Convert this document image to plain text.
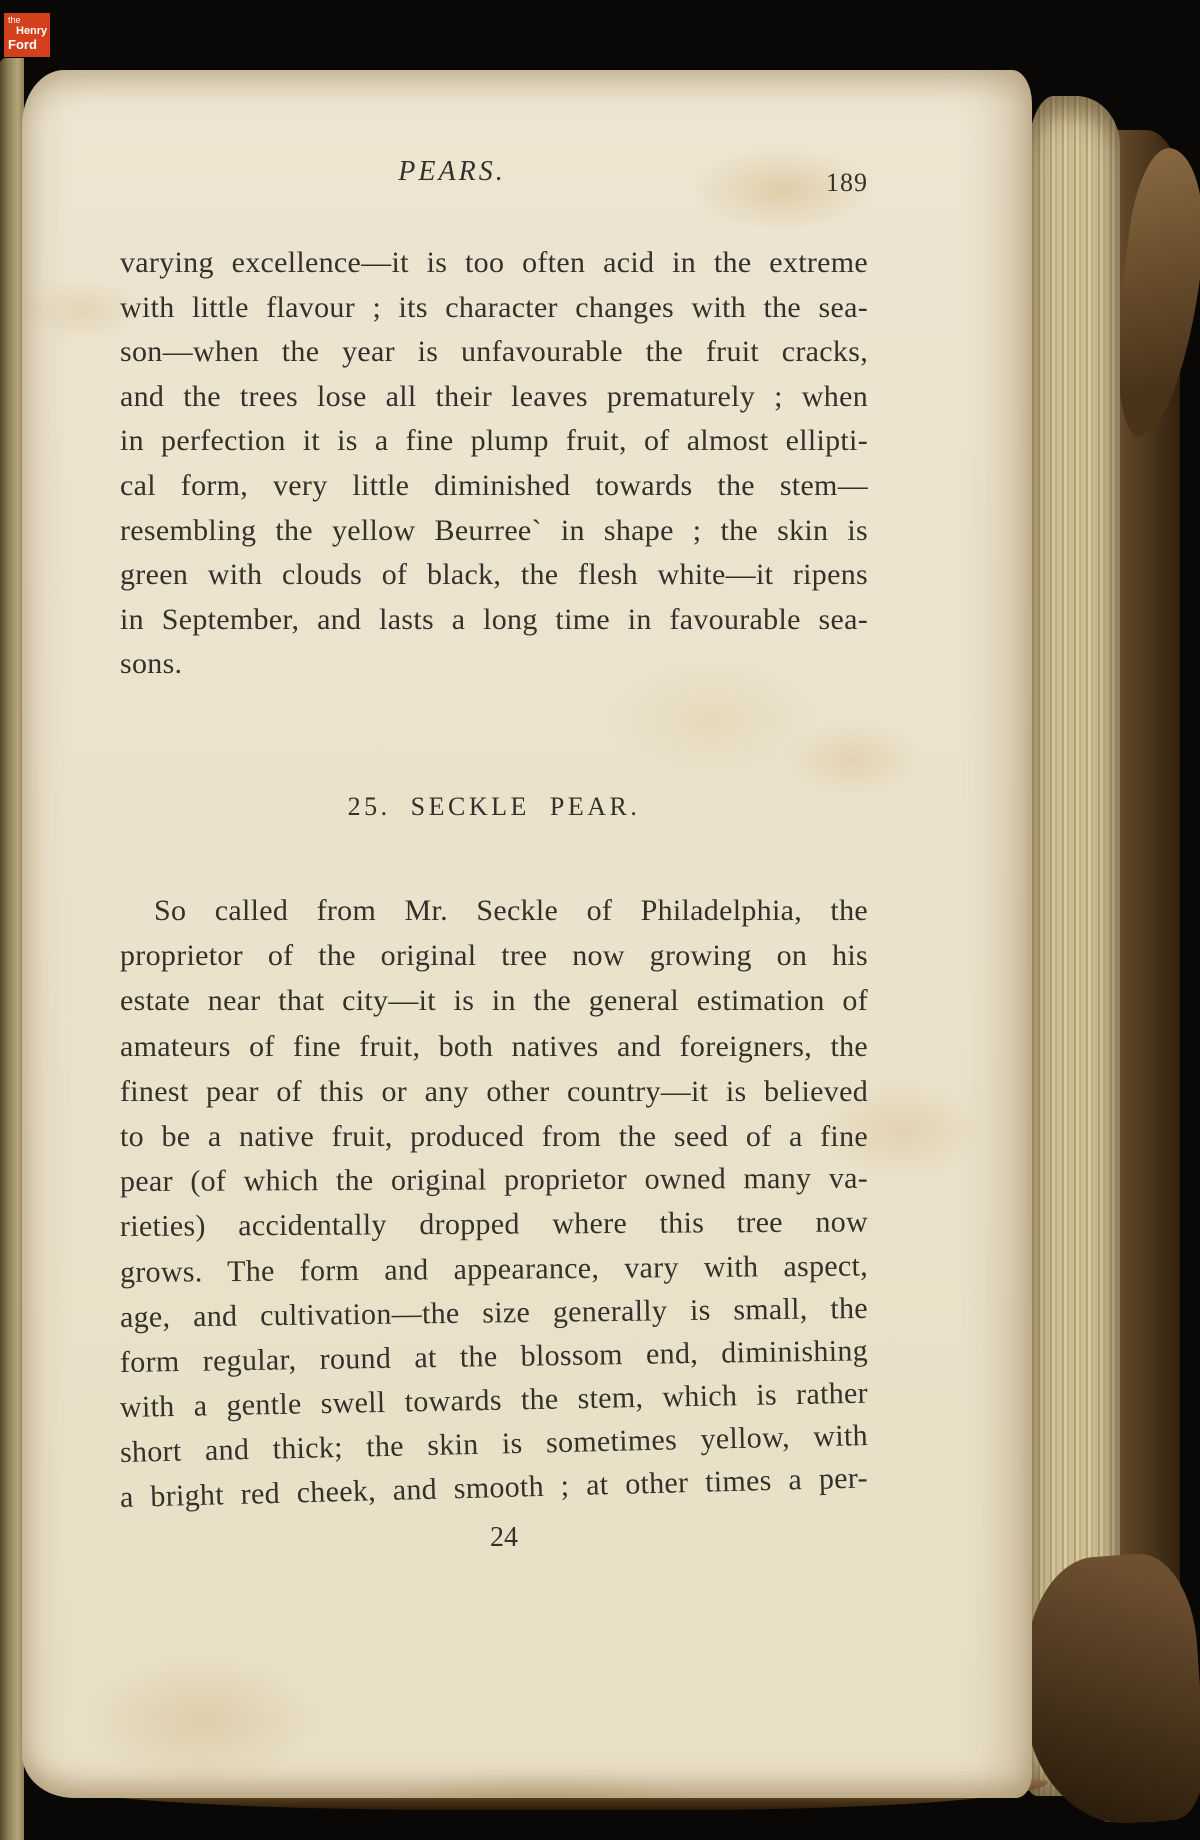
PEARS.	189
varying excellence—it is too often acid in the extreme
with little flavour ; its character changes with the sea-
son—when the year is unfavourable the fruit cracks,
and the trees lose all their leaves prematurely ; when
in perfection it is a fine plump fruit, of almost ellipti-
cal form, very little diminished towards the stem—
resembling the yellow Beurree` in shape ; the skin is
green with clouds of black, the flesh white—it ripens
in September, and lasts a long time in favourable sea-
sons.
25. SECKLE PEAR.
So called from Mr. Seckle of Philadelphia, the
proprietor of the original tree now growing on his
estate near that city—it is in the general estimation of
amateurs of fine fruit, both natives and foreigners, the
finest pear of this or any other country—it is believed
to be a native fruit, produced from the seed of a fine
pear (of which the original proprietor owned many va-
rieties) accidentally dropped where this tree now
grows. The form and appearance, vary with aspect,
age, and cultivation—the size generally is small, the
form regular, round at the blossom end, diminishing
with a gentle swell towards the stem, which is rather
short and thick; the skin is sometimes yellow, with
a bright red cheek, and smooth ; at other times a per-
24
the
Henry
Ford
